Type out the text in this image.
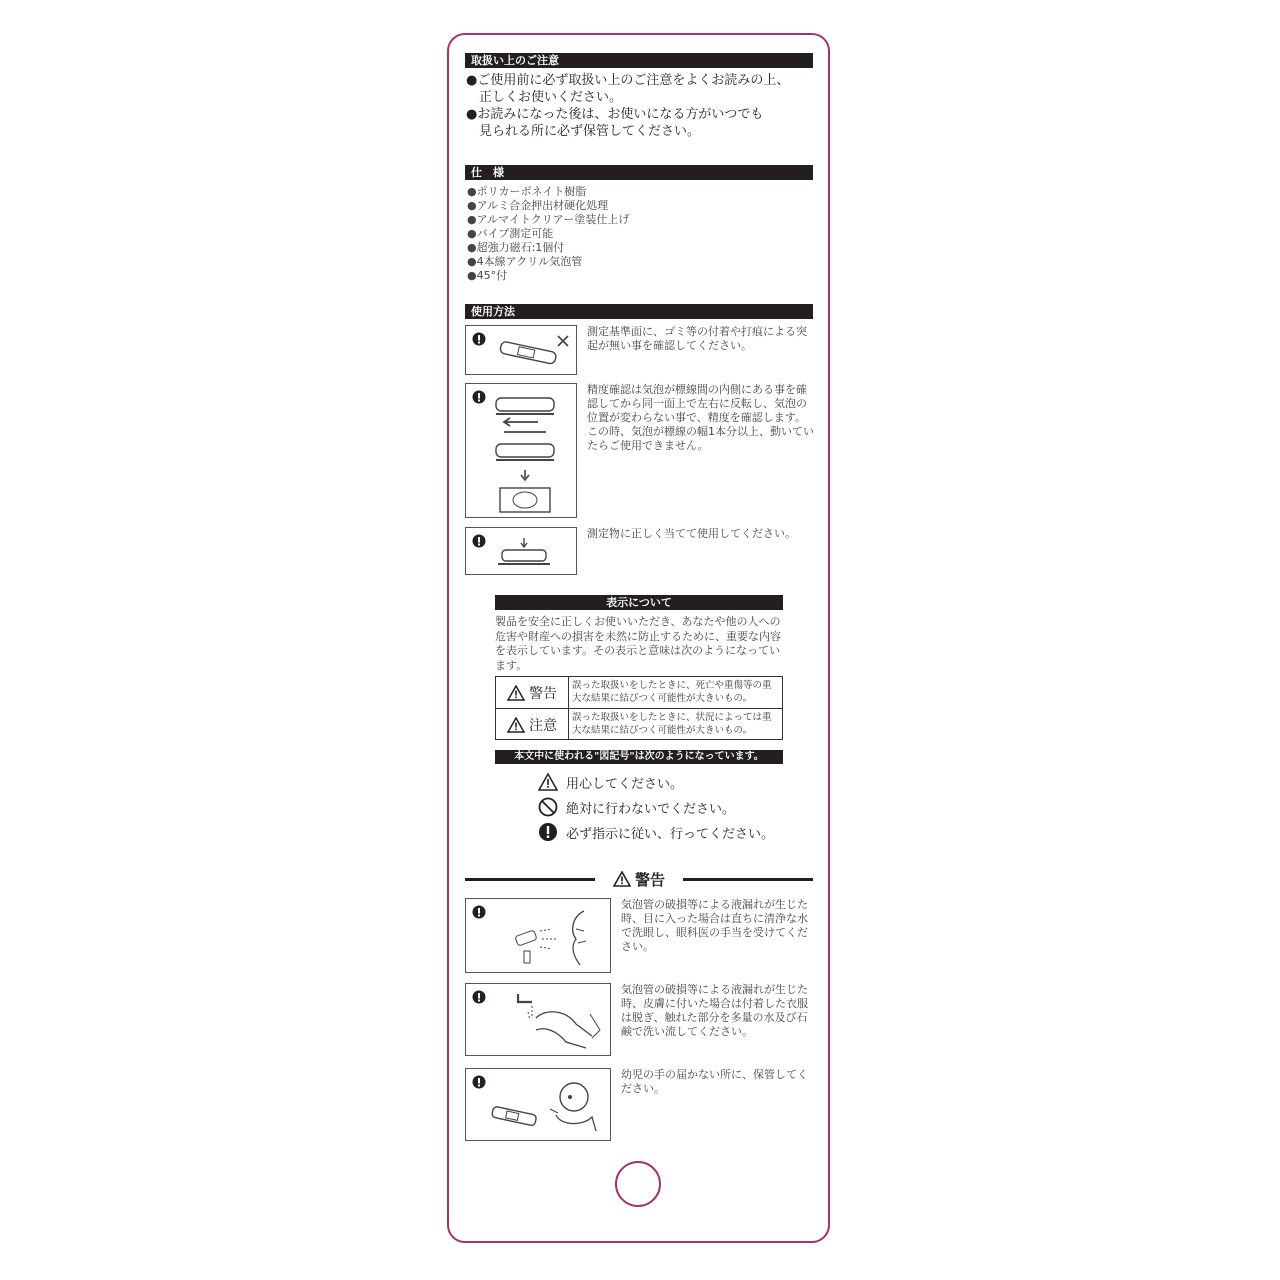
取扱い上のご注意
●ご使用前に必ず取扱い上のご注意をよくお読みの上、
　正しくお使いください。
●お読みになった後は、お使いになる方がいつでも
　見られる所に必ず保管してください。
仕　様
●ポリカーボネイト樹脂
●アルミ合金押出材硬化処理
●アルマイトクリアー塗装仕上げ
●パイプ測定可能
●超強力磁石:1個付
●4本線アクリル気泡管
●45°付
使用方法
測定基準面に、ゴミ等の付着や打痕による突起が無い事を確認してください。
精度確認は気泡が標線間の内側にある事を確認してから同一面上で左右に反転し、気泡の位置が変わらない事で、精度を確認します。この時、気泡が標線の幅1本分以上、動いていたらご使用できません。
測定物に正しく当てて使用してください。
表示について
製品を安全に正しくお使いいただき、あなたや他の人への危害や財産への損害を未然に防止するために、重要な内容を表示しています。その表示と意味は次のようになっています。
警告 誤った取扱いをしたときに、死亡や重傷等の重大な結果に結びつく可能性が大きいもの。
注意 誤った取扱いをしたときに、状況によっては重大な結果に結びつく可能性が大きいもの。
本文中に使われる"図記号"は次のようになっています。
用心してください。
絶対に行わないでください。
必ず指示に従い、行ってください。
警告
気泡管の破損等による液漏れが生じた時、目に入った場合は直ちに清浄な水で洗眼し、眼科医の手当を受けてください。
気泡管の破損等による液漏れが生じた時、皮膚に付いた場合は付着した衣服は脱ぎ、触れた部分を多量の水及び石鹸で洗い流してください。
幼児の手の届かない所に、保管してください。
